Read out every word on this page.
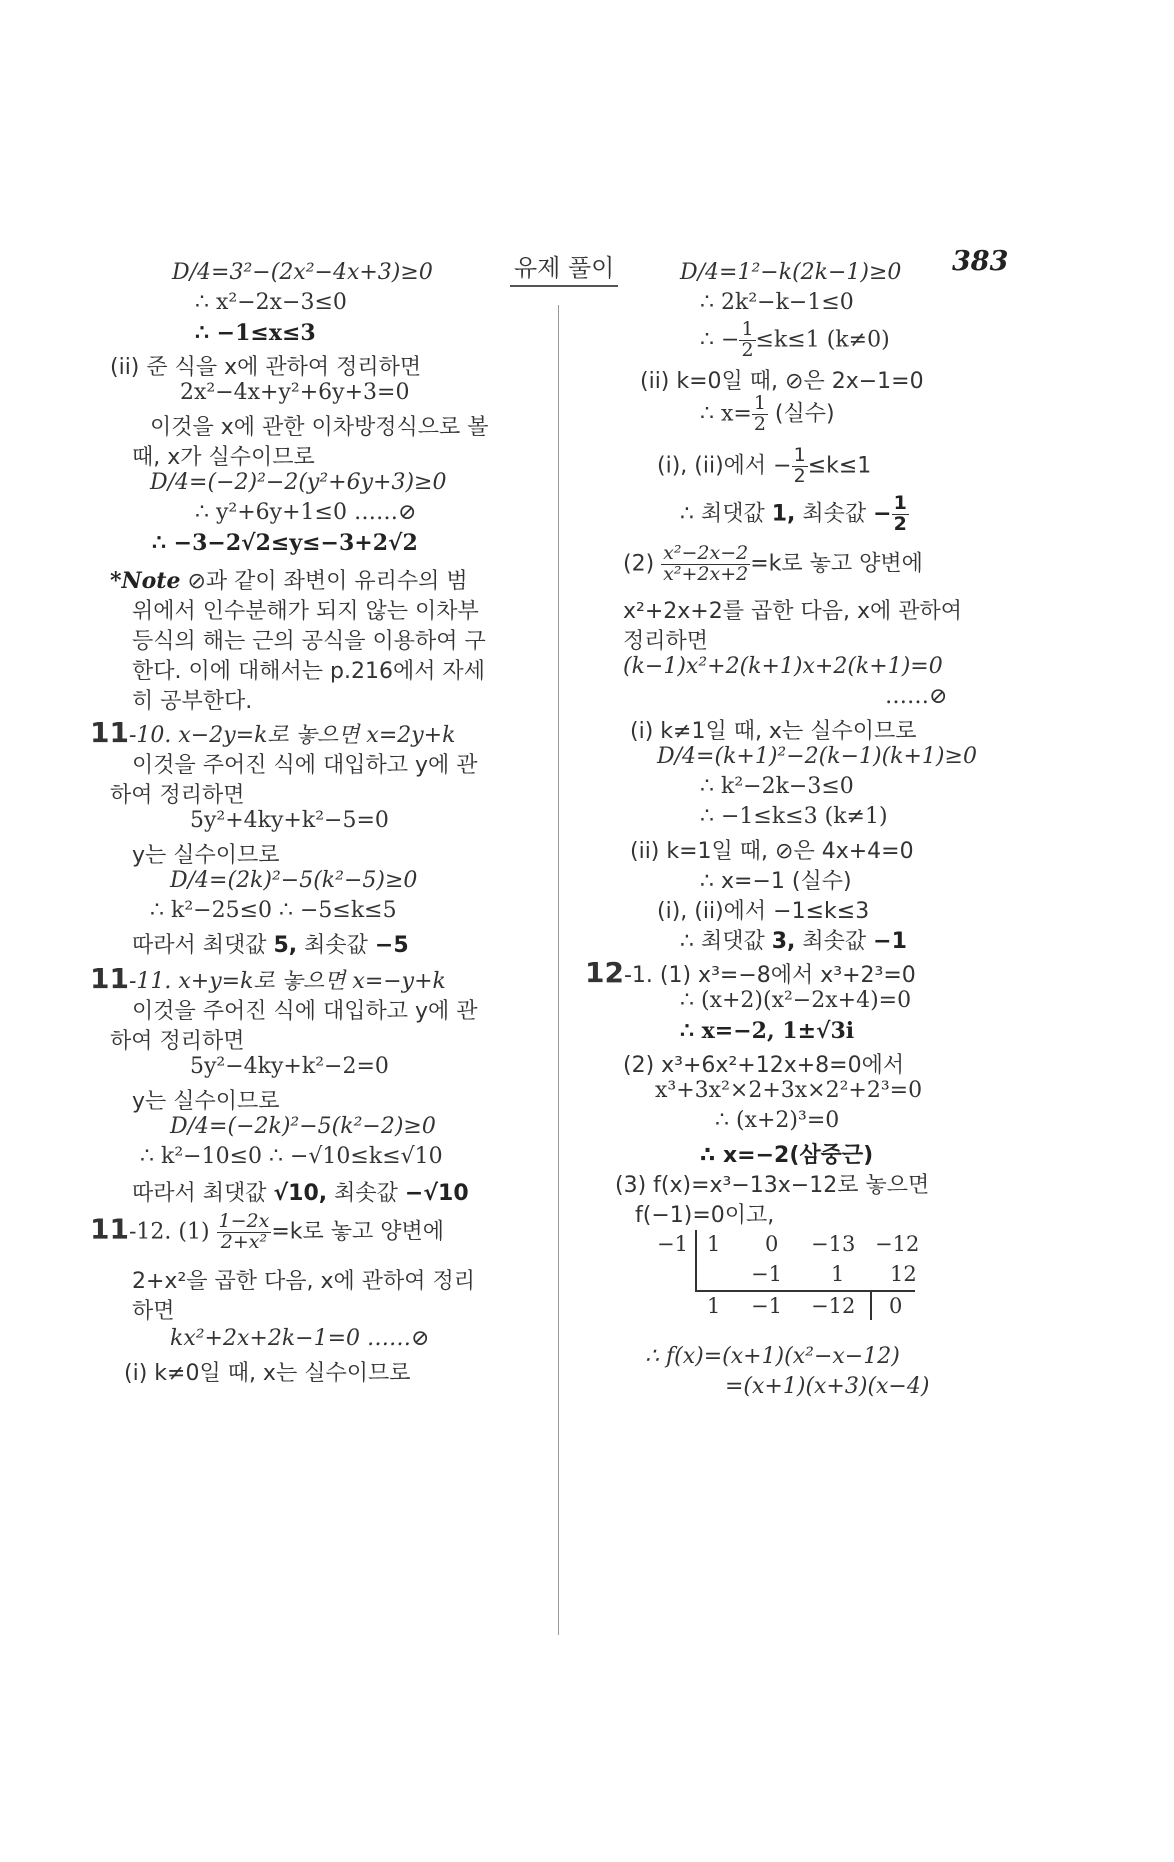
유제 풀이	383
D/4=3²−(2x²−4x+3)≥0
∴ x²−2x−3≤0
∴ −1≤x≤3
(ii) 준 식을 x에 관하여 정리하면
2x²−4x+y²+6y+3=0
이것을 x에 관한 이차방정식으로 볼
때, x가 실수이므로
D/4=(−2)²−2(y²+6y+3)≥0
∴ y²+6y+1≤0 ……⊘
∴ −3−2√2≤y≤−3+2√2
*Note ⊘과 같이 좌변이 유리수의 범
위에서 인수분해가 되지 않는 이차부
등식의 해는 근의 공식을 이용하여 구
한다. 이에 대해서는 p.216에서 자세
히 공부한다.
11-10. x−2y=k로 놓으면 x=2y+k
이것을 주어진 식에 대입하고 y에 관
하여 정리하면
5y²+4ky+k²−5=0
y는 실수이므로
D/4=(2k)²−5(k²−5)≥0
∴ k²−25≤0 ∴ −5≤k≤5
따라서 최댓값 5, 최솟값 −5
11-11. x+y=k로 놓으면 x=−y+k
이것을 주어진 식에 대입하고 y에 관
하여 정리하면
5y²−4ky+k²−2=0
y는 실수이므로
D/4=(−2k)²−5(k²−2)≥0
∴ k²−10≤0 ∴ −√10≤k≤√10
따라서 최댓값 √10, 최솟값 −√10
11-12. $(1) \frac{1-2x}{\text{2+x²}} =k$로 놓고 양변에
2+x²을 곱한 다음, x에 관하여 정리
하면
kx²+2x+2k−1=0 ……⊘
(i) k≠0일 때, x는 실수이므로
D/4=1²−k(2k−1)≥0
∴ 2k²−k−1≤0
∴ − $\frac{1}{2} \le k\le 1$ (k≠0)
(ii) k=0일 때, ⊘은 2x−1=0
∴ $x= \frac{1}{2}$ (실수)
(i), (ii)에서 − $\frac{1}{2} \le k\le 1$
∴ 최댓값 1, 최솟값 − $\frac{1}{2}$
$(2) \frac{\text{x²−2x−2}}{\text{x²+2x+2}} =k$로 놓고 양변에
x²+2x+2를 곱한 다음, x에 관하여
정리하면
(k−1)x²+2(k+1)x+2(k+1)=0
……⊘
(i) k≠1일 때, x는 실수이므로
D/4=(k+1)²−2(k−1)(k+1)≥0
∴ k²−2k−3≤0
∴ −1≤k≤3 (k≠1)
(ii) k=1일 때, ⊘은 4x+4=0
∴ x=−1 (실수)
(i), (ii)에서 −1≤k≤3
∴ 최댓값 3, 최솟값 −1
12-1. (1) x³=−8에서 x³+2³=0
∴ (x+2)(x²−2x+4)=0
∴ x=−2, 1±√3i
(2) x³+6x²+12x+8=0에서
x³+3x²×2+3x×2²+2³=0
∴ (x+2)³=0
∴ x=−2(삼중근)
(3) f(x)=x³−13x−12로 놓으면
f(−1)=0이고,
−1 1 0 −13 −12
−1 1 12
1 −1 −12 0
∴ f(x)=(x+1)(x²−x−12)
=(x+1)(x+3)(x−4)
